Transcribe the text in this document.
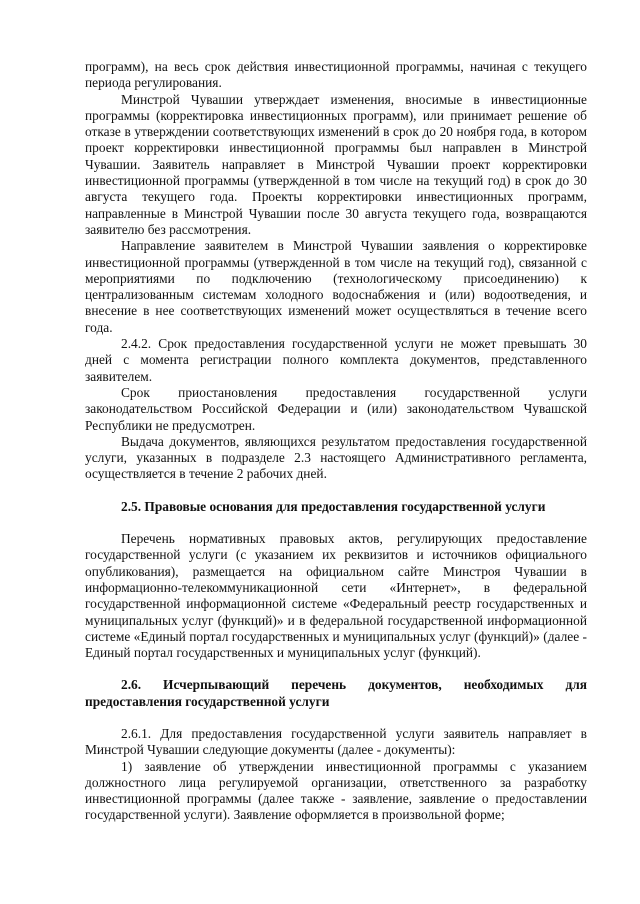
программ), на весь срок действия инвестиционной программы, начиная с текущего периода регулирования.

Минстрой Чувашии утверждает изменения, вносимые в инвестиционные программы (корректировка инвестиционных программ), или принимает решение об отказе в утверждении соответствующих изменений в срок до 20 ноября года, в котором проект корректировки инвестиционной программы был направлен в Минстрой Чувашии. Заявитель направляет в Минстрой Чувашии проект корректировки инвестиционной программы (утвержденной в том числе на текущий год) в срок до 30 августа текущего года. Проекты корректировки инвестиционных программ, направленные в Минстрой Чувашии после 30 августа текущего года, возвращаются заявителю без рассмотрения.

Направление заявителем в Минстрой Чувашии заявления о корректировке инвестиционной программы (утвержденной в том числе на текущий год), связанной с мероприятиями по подключению (технологическому присоединению) к централизованным системам холодного водоснабжения и (или) водоотведения, и внесение в нее соответствующих изменений может осуществляться в течение всего года.

2.4.2. Срок предоставления государственной услуги не может превышать 30 дней с момента регистрации полного комплекта документов, представленного заявителем.

Срок приостановления предоставления государственной услуги законодательством Российской Федерации и (или) законодательством Чувашской Республики не предусмотрен.

Выдача документов, являющихся результатом предоставления государственной услуги, указанных в подразделе 2.3 настоящего Административного регламента, осуществляется в течение 2 рабочих дней.

2.5. Правовые основания для предоставления государственной услуги

Перечень нормативных правовых актов, регулирующих предоставление государственной услуги (с указанием их реквизитов и источников официального опубликования), размещается на официальном сайте Минстроя Чувашии в информационно-телекоммуникационной сети «Интернет», в федеральной государственной информационной системе «Федеральный реестр государственных и муниципальных услуг (функций)» и в федеральной государственной информационной системе «Единый портал государственных и муниципальных услуг (функций)» (далее - Единый портал государственных и муниципальных услуг (функций).

2.6. Исчерпывающий перечень документов, необходимых для предоставления государственной услуги

2.6.1. Для предоставления государственной услуги заявитель направляет в Минстрой Чувашии следующие документы (далее - документы):

1) заявление об утверждении инвестиционной программы с указанием должностного лица регулируемой организации, ответственного за разработку инвестиционной программы (далее также - заявление, заявление о предоставлении государственной услуги). Заявление оформляется в произвольной форме;
